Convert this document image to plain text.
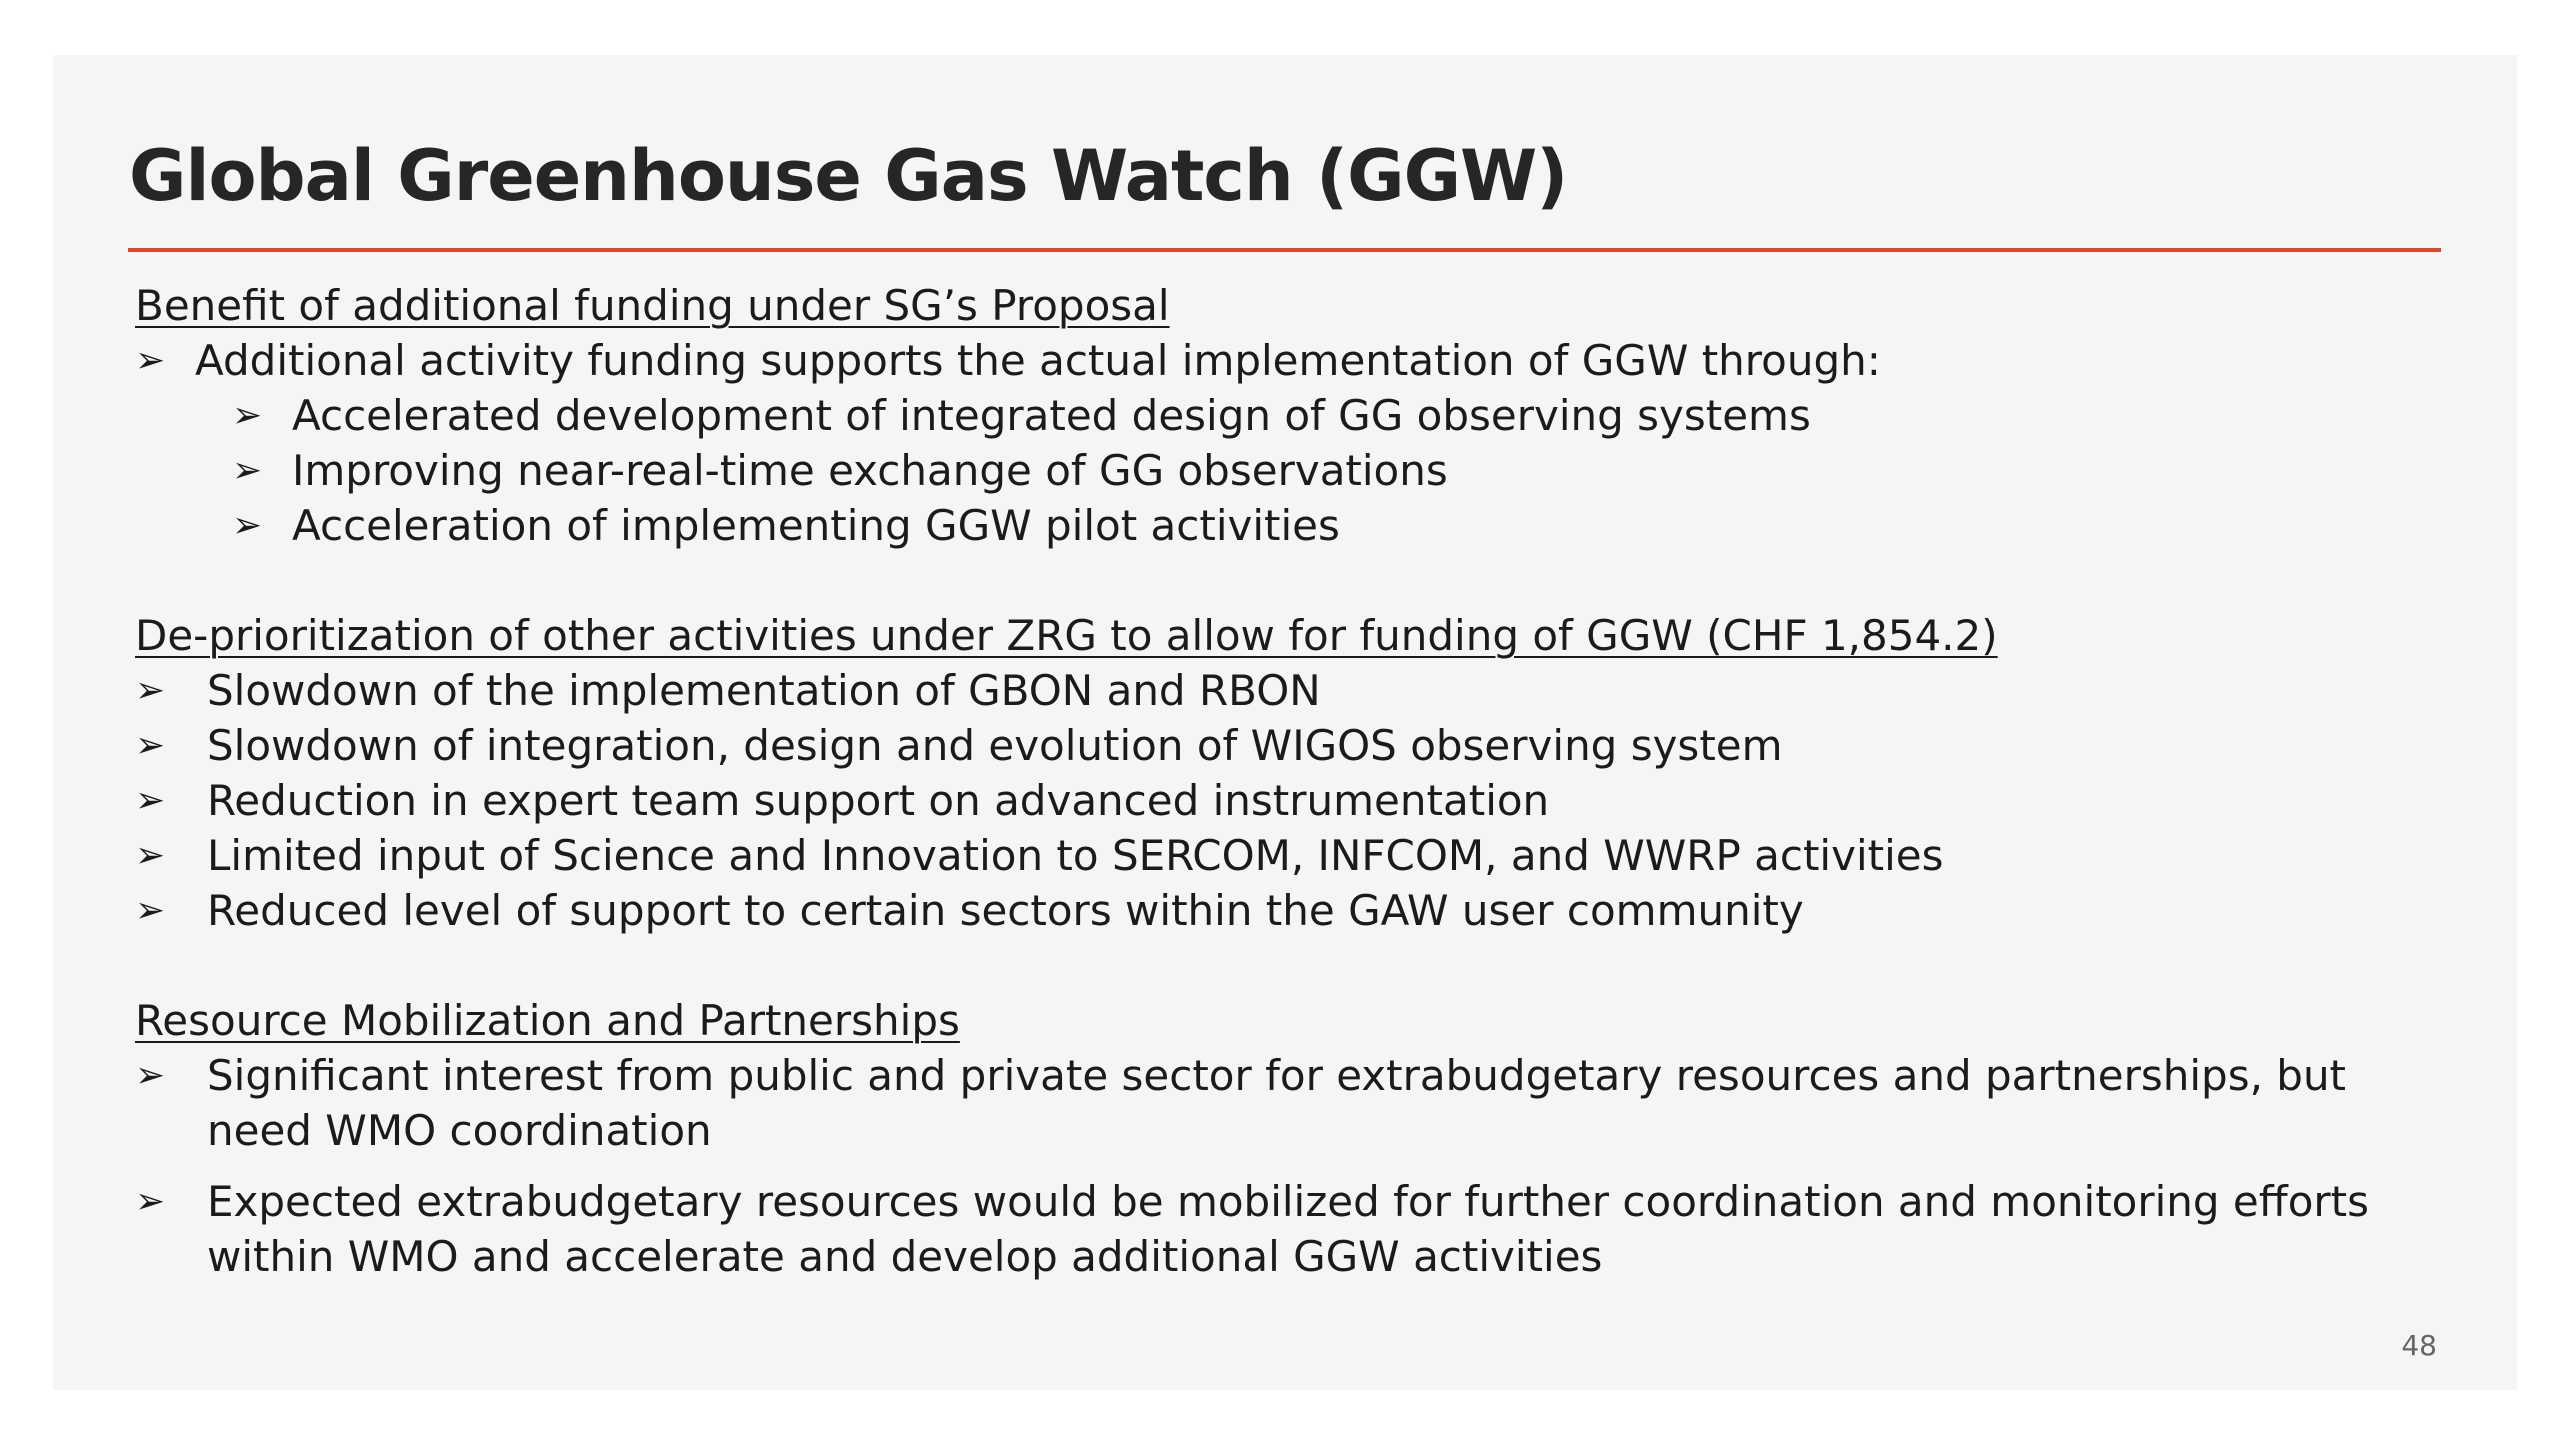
Global Greenhouse Gas Watch (GGW)
Benefit of additional funding under SG’s Proposal
➢ Additional activity funding supports the actual implementation of GGW through:
➢ Accelerated development of integrated design of GG observing systems
➢ Improving near-real-time exchange of GG observations
➢ Acceleration of implementing GGW pilot activities
De-prioritization of other activities under ZRG to allow for funding of GGW (CHF 1,854.2)
➢ Slowdown of the implementation of GBON and RBON
➢ Slowdown of integration, design and evolution of WIGOS observing system
➢ Reduction in expert team support on advanced instrumentation
➢ Limited input of Science and Innovation to SERCOM, INFCOM, and WWRP activities
➢ Reduced level of support to certain sectors within the GAW user community
Resource Mobilization and Partnerships
➢ Significant interest from public and private sector for extrabudgetary resources and partnerships, but need WMO coordination
➢ Expected extrabudgetary resources would be mobilized for further coordination and monitoring efforts within WMO and accelerate and develop additional GGW activities
48
